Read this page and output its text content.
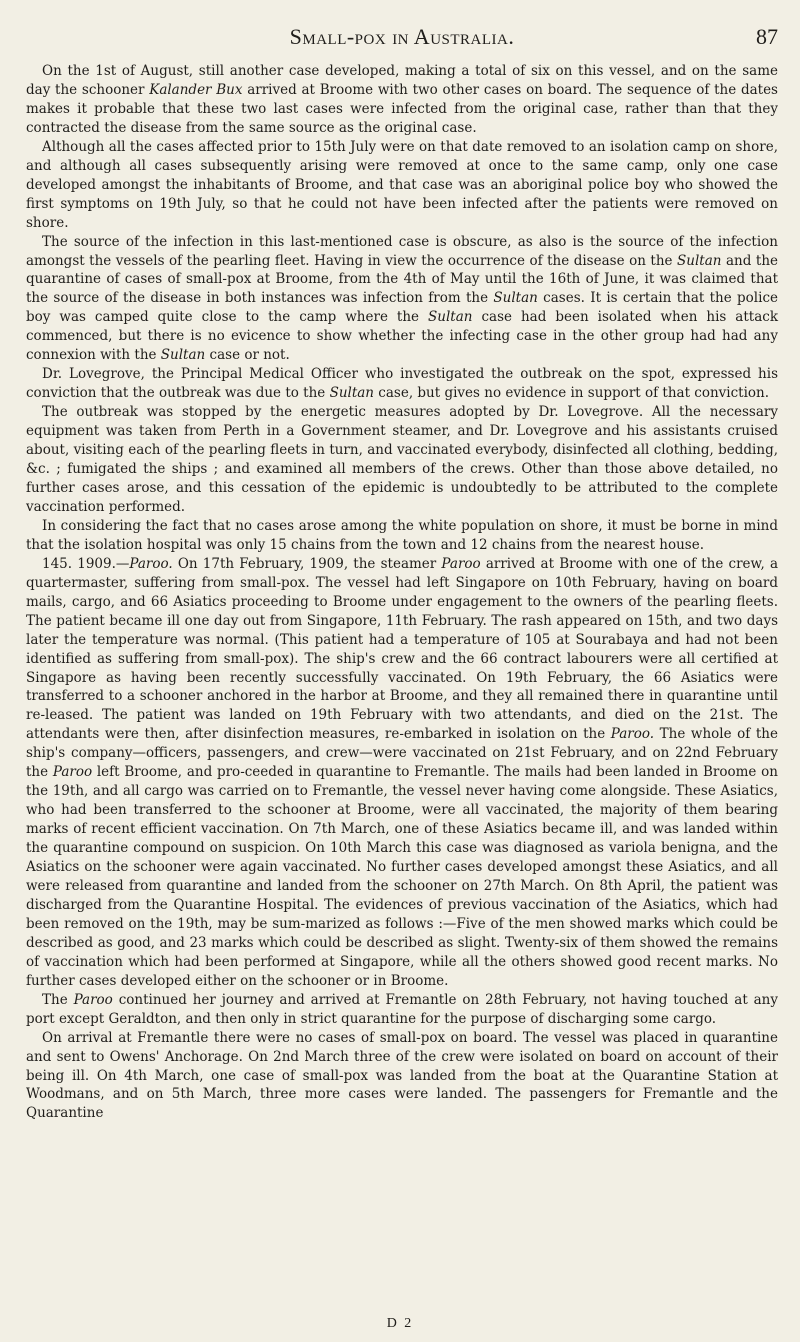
Small-pox in Australia.	87

On the 1st of August, still another case developed, making a total of six on this vessel, and on the same day the schooner Kalander Bux arrived at Broome with two other cases on board. The sequence of the dates makes it probable that these two last cases were infected from the original case, rather than that they contracted the disease from the same source as the original case.

Although all the cases affected prior to 15th July were on that date removed to an isolation camp on shore, and although all cases subsequently arising were removed at once to the same camp, only one case developed amongst the inhabitants of Broome, and that case was an aboriginal police boy who showed the first symptoms on 19th July, so that he could not have been infected after the patients were removed on shore.

The source of the infection in this last-mentioned case is obscure, as also is the source of the infection amongst the vessels of the pearling fleet. Having in view the occurrence of the disease on the Sultan and the quarantine of cases of small-pox at Broome, from the 4th of May until the 16th of June, it was claimed that the source of the disease in both instances was infection from the Sultan cases. It is certain that the police boy was camped quite close to the camp where the Sultan case had been isolated when his attack commenced, but there is no evicence to show whether the infecting case in the other group had had any connexion with the Sultan case or not.

Dr. Lovegrove, the Principal Medical Officer who investigated the outbreak on the spot, expressed his conviction that the outbreak was due to the Sultan case, but gives no evidence in support of that conviction.

The outbreak was stopped by the energetic measures adopted by Dr. Lovegrove. All the necessary equipment was taken from Perth in a Government steamer, and Dr. Lovegrove and his assistants cruised about, visiting each of the pearling fleets in turn, and vaccinated everybody, disinfected all clothing, bedding, &c. ; fumigated the ships ; and examined all members of the crews. Other than those above detailed, no further cases arose, and this cessation of the epidemic is undoubtedly to be attributed to the complete vaccination performed.

In considering the fact that no cases arose among the white population on shore, it must be borne in mind that the isolation hospital was only 15 chains from the town and 12 chains from the nearest house.

145. 1909.—Paroo. On 17th February, 1909, the steamer Paroo arrived at Broome with one of the crew, a quartermaster, suffering from small-pox. The vessel had left Singapore on 10th February, having on board mails, cargo, and 66 Asiatics proceeding to Broome under engagement to the owners of the pearling fleets. The patient became ill one day out from Singapore, 11th February. The rash appeared on 15th, and two days later the temperature was normal. (This patient had a temperature of 105 at Sourabaya and had not been identified as suffering from small-pox). The ship's crew and the 66 contract labourers were all certified at Singapore as having been recently successfully vaccinated. On 19th February, the 66 Asiatics were transferred to a schooner anchored in the harbor at Broome, and they all remained there in quarantine until re-leased. The patient was landed on 19th February with two attendants, and died on the 21st. The attendants were then, after disinfection measures, re-embarked in isolation on the Paroo. The whole of the ship's company—officers, passengers, and crew—were vaccinated on 21st February, and on 22nd February the Paroo left Broome, and pro-ceeded in quarantine to Fremantle. The mails had been landed in Broome on the 19th, and all cargo was carried on to Fremantle, the vessel never having come alongside. These Asiatics, who had been transferred to the schooner at Broome, were all vaccinated, the majority of them bearing marks of recent efficient vaccination. On 7th March, one of these Asiatics became ill, and was landed within the quarantine compound on suspicion. On 10th March this case was diagnosed as variola benigna, and the Asiatics on the schooner were again vaccinated. No further cases developed amongst these Asiatics, and all were released from quarantine and landed from the schooner on 27th March. On 8th April, the patient was discharged from the Quarantine Hospital. The evidences of previous vaccination of the Asiatics, which had been removed on the 19th, may be sum-marized as follows :—Five of the men showed marks which could be described as good, and 23 marks which could be described as slight. Twenty-six of them showed the remains of vaccination which had been performed at Singapore, while all the others showed good recent marks. No further cases developed either on the schooner or in Broome.

The Paroo continued her journey and arrived at Fremantle on 28th February, not having touched at any port except Geraldton, and then only in strict quarantine for the purpose of discharging some cargo.

On arrival at Fremantle there were no cases of small-pox on board. The vessel was placed in quarantine and sent to Owens' Anchorage. On 2nd March three of the crew were isolated on board on account of their being ill. On 4th March, one case of small-pox was landed from the boat at the Quarantine Station at Woodmans, and on 5th March, three more cases were landed. The passengers for Fremantle and the Quarantine

D 2
